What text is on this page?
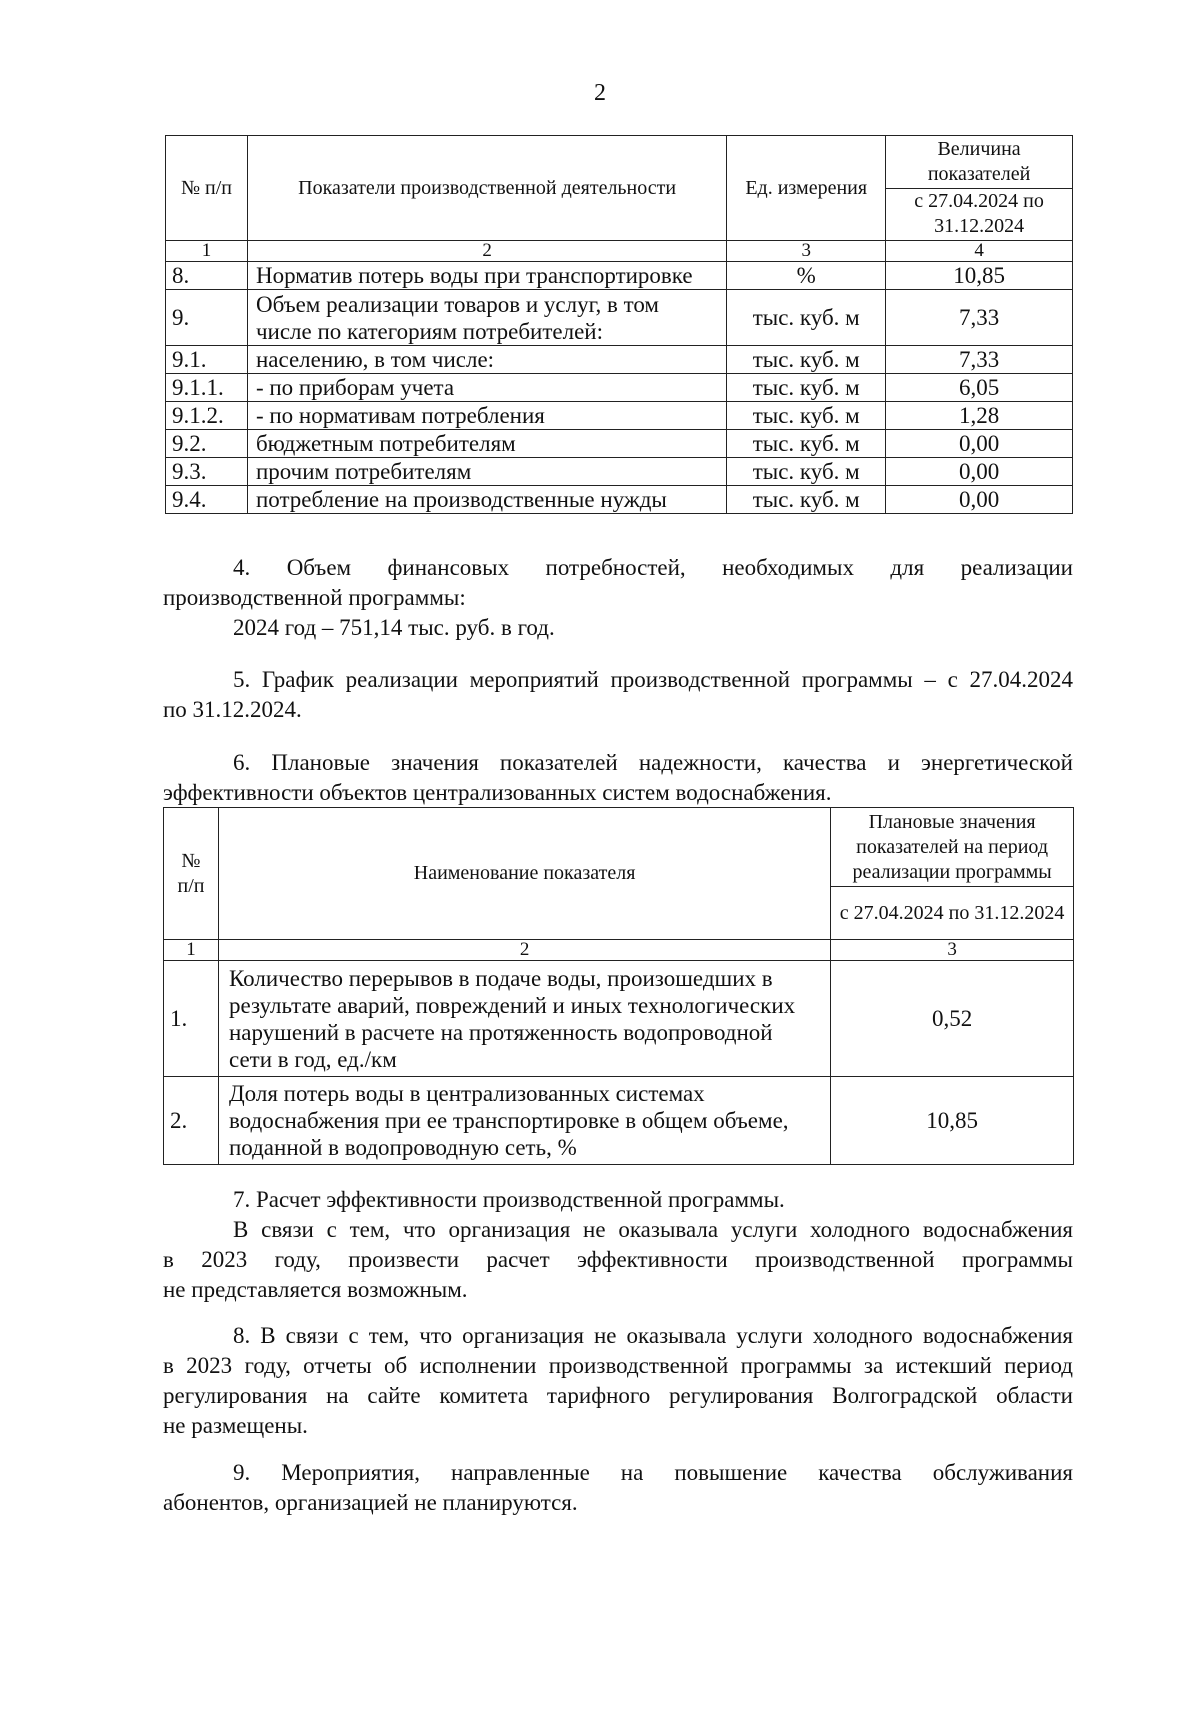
2
№ п/п	Показатели производственной деятельности	Ед. измерения	Величина показателей
			с 27.04.2024 по 31.12.2024
1	2	3	4
8.	Норматив потерь воды при транспортировке	%	10,85
9.	Объем реализации товаров и услуг, в том числе по категориям потребителей:	тыс. куб. м	7,33
9.1.	населению, в том числе:	тыс. куб. м	7,33
9.1.1.	- по приборам учета	тыс. куб. м	6,05
9.1.2.	- по нормативам потребления	тыс. куб. м	1,28
9.2.	бюджетным потребителям	тыс. куб. м	0,00
9.3.	прочим потребителям	тыс. куб. м	0,00
9.4.	потребление на производственные нужды	тыс. куб. м	0,00
4. Объем финансовых потребностей, необходимых для реализации
производственной программы:
2024 год – 751,14 тыс. руб. в год.
5. График реализации мероприятий производственной программы – с 27.04.2024
по 31.12.2024.
6. Плановые значения показателей надежности, качества и энергетической
эффективности объектов централизованных систем водоснабжения.
№ п/п	Наименование показателя	Плановые значения показателей на период реализации программы
		с 27.04.2024 по 31.12.2024
1	2	3
1.	Количество перерывов в подаче воды, произошедших в результате аварий, повреждений и иных технологических нарушений в расчете на протяженность водопроводной сети в год, ед./км	0,52
2.	Доля потерь воды в централизованных системах водоснабжения при ее транспортировке в общем объеме, поданной в водопроводную сеть, %	10,85
7. Расчет эффективности производственной программы.
В связи с тем, что организация не оказывала услуги холодного водоснабжения
в 2023 году, произвести расчет эффективности производственной программы
не представляется возможным.
8. В связи с тем, что организация не оказывала услуги холодного водоснабжения
в 2023 году, отчеты об исполнении производственной программы за истекший период
регулирования на сайте комитета тарифного регулирования Волгоградской области
не размещены.
9. Мероприятия, направленные на повышение качества обслуживания
абонентов, организацией не планируются.
